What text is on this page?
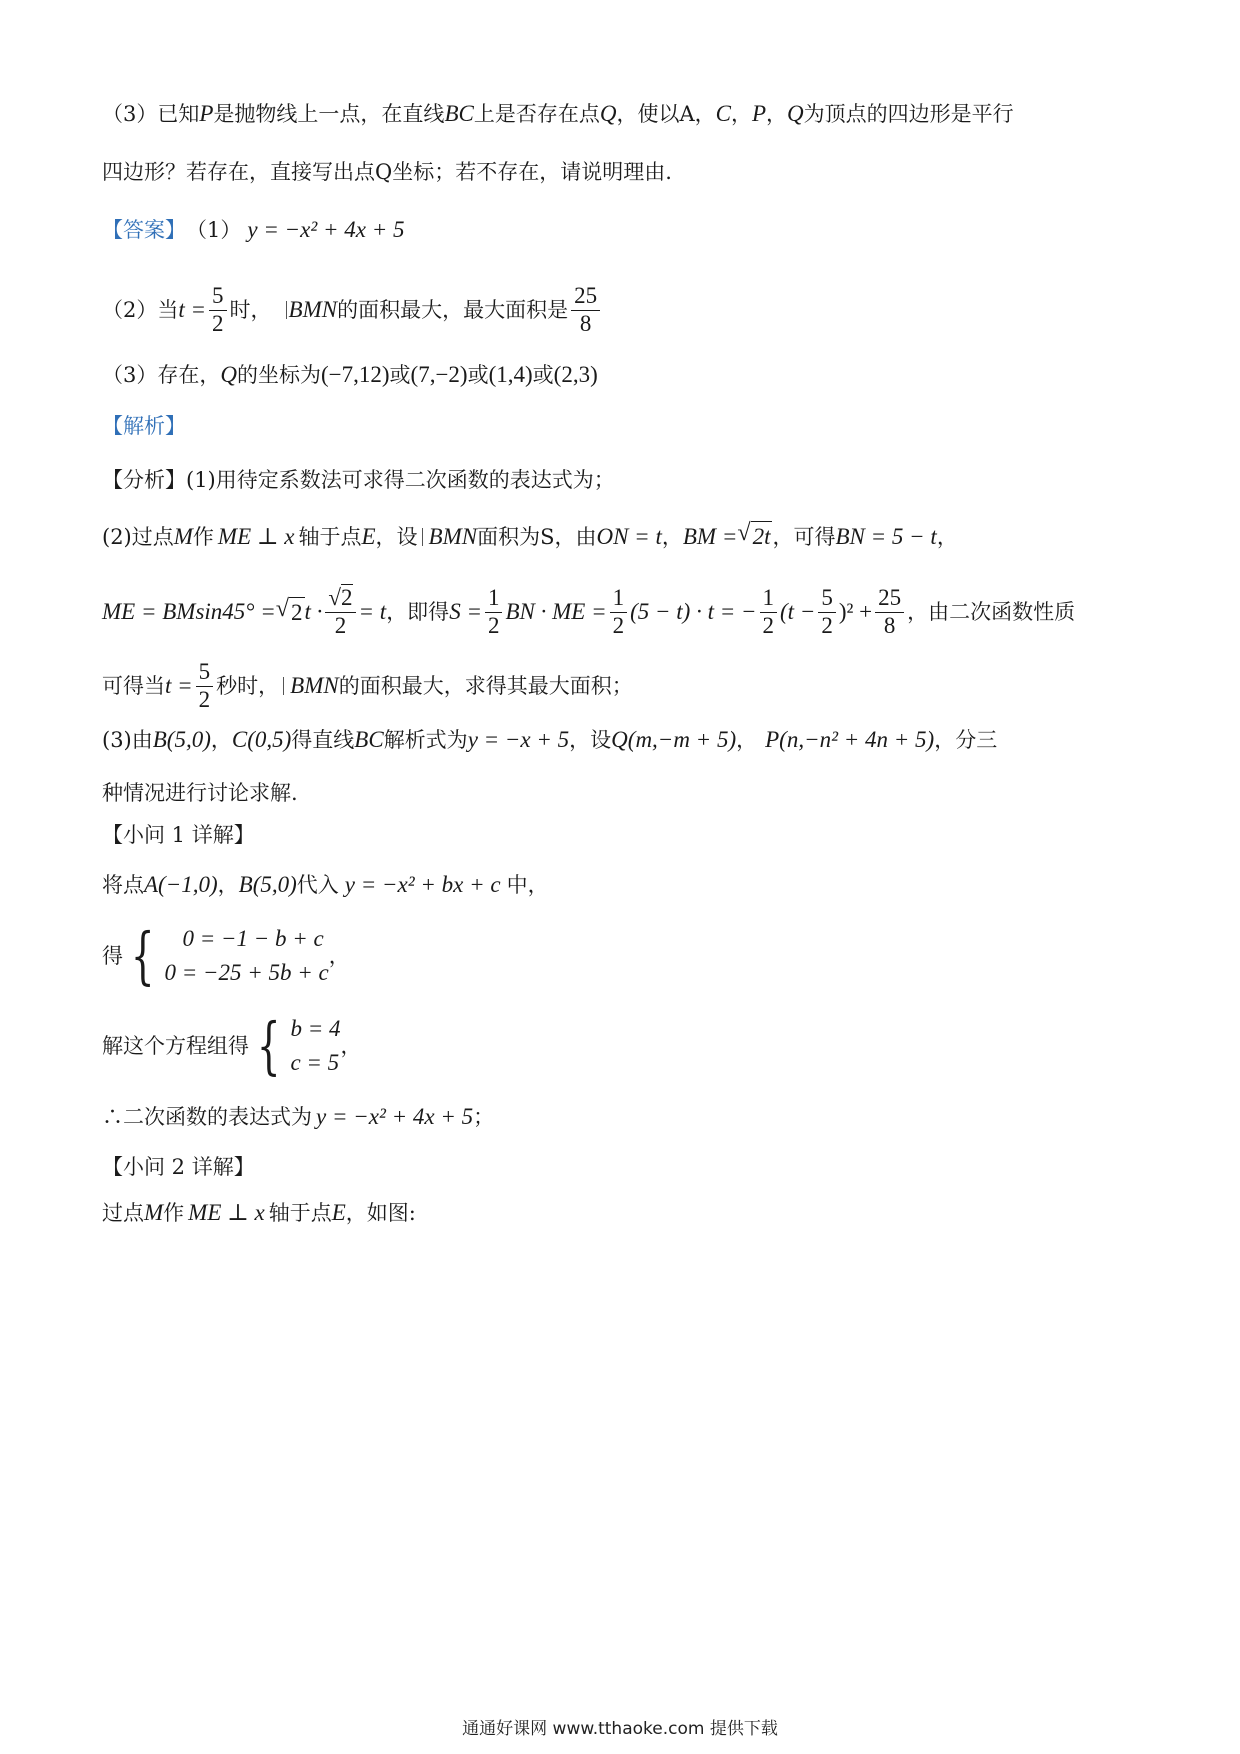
（3）已知 P 是抛物线上一点，在直线 BC 上是否存在点 Q ，使以A， C ， P ， Q 为顶点的四边形是平行
四边形？若存在，直接写出点Q坐标；若不存在，请说明理由.
【答案】 （1） y = −x² + 4x + 5
（2）当 $t = \frac{5}{2}$ 时， BMN 的面积最大，最大面积是 $\frac{25}{8}$
（3）存在， Q 的坐标为 (−7,12) 或 (7,−2) 或 (1,4) 或 (2,3)
【解析】
【分析】 (1)用待定系数法可求得二次函数的表达式为；
(2)过点 M 作 ME ⊥ x 轴于点 E ，设 BMN 面积为S，由 ON = t ， BM = √ 2t ，可得 BN = 5 − t ，
ME = BMsin45° = √ 2 $t \cdot \frac{√2}{2} = t$ ，即得 $S = \frac{1}{2}$ BN · ME = $\frac{1}{2} (5 - t) \cdot t$ = − $\frac{1}{2} (t - \frac{5}{2} )^2 + \frac{25}{8}$ ，由二次函数性质
可得当 $t = \frac{5}{2}$ 秒时， BMN 的面积最大，求得其最大面积；
(3)由 B(5,0) ， C(0,5) 得直线 BC 解析式为 y = −x + 5 ，设 Q(m,−m + 5) ， P(n,−n² + 4n + 5) ，分三
种情况进行讨论求解.
【小问 1 详解】
将点 A(−1,0) ， B(5,0) 代入 y = −x² + bx + c 中，
得 {	0 = −1 − b + c
0 = −25 + 5b + c
，
解这个方程组得 { b = 4
c = 5
，
∴二次函数的表达式为 y = −x² + 4x + 5 ；
【小问 2 详解】
过点 M 作 ME ⊥ x 轴于点 E ，如图:
通通好课网 www.tthaoke.com 提供下载
